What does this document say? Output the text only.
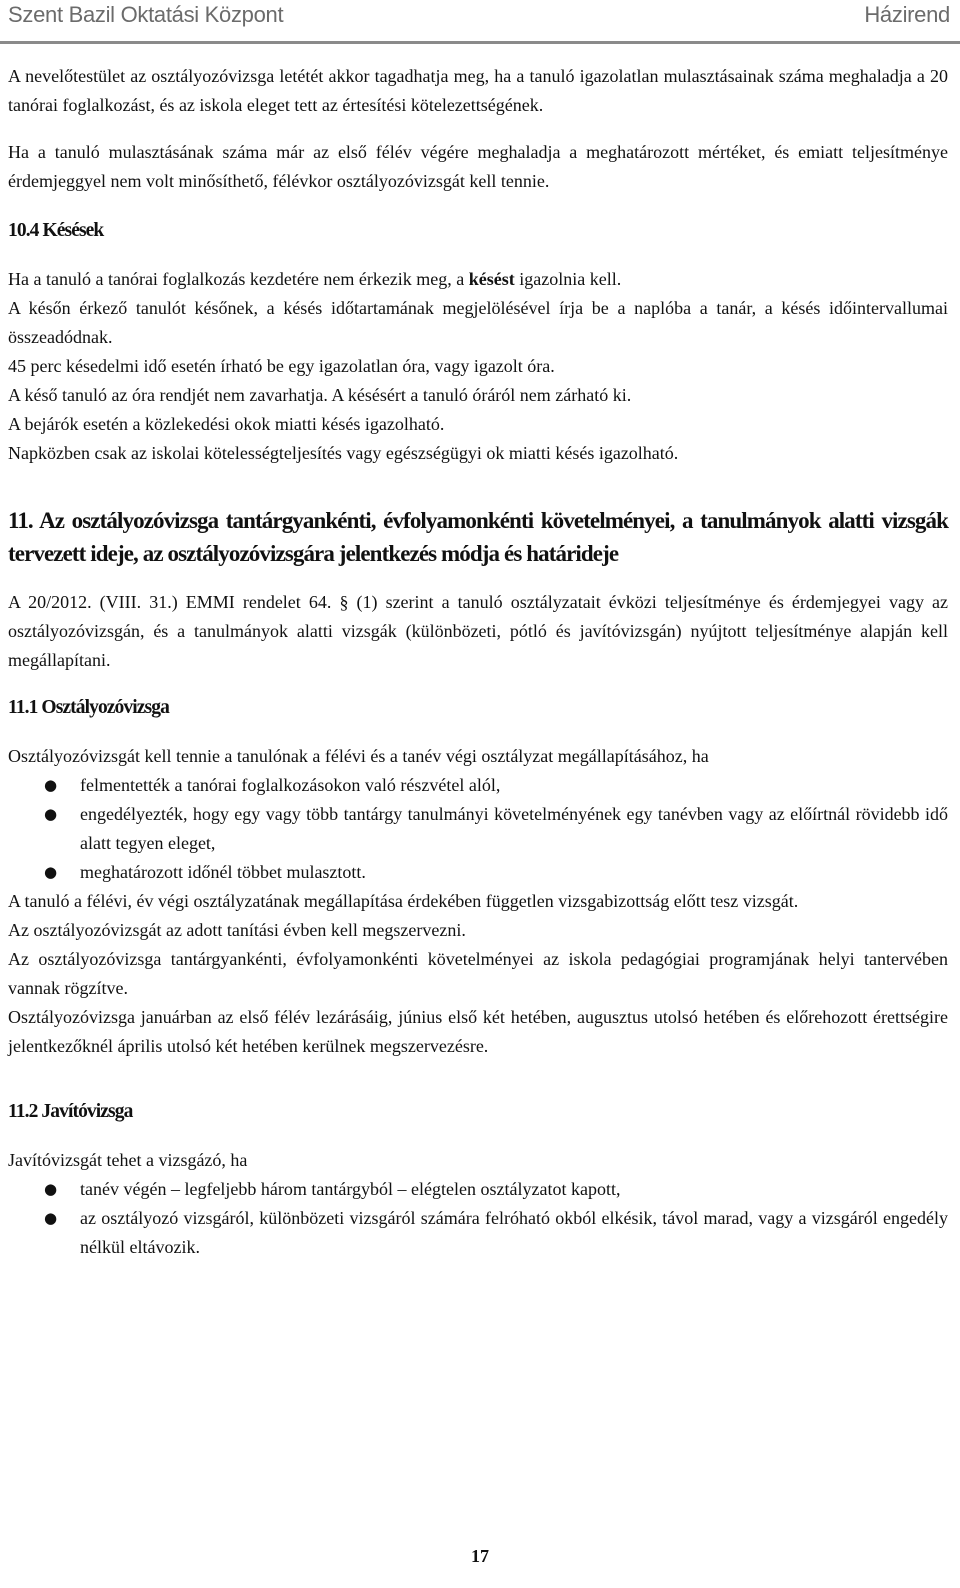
Szent Bazil Oktatási Központ	Házirend

A nevelőtestület az osztályozóvizsga letétét akkor tagadhatja meg, ha a tanuló igazolatlan mulasztásainak száma meghaladja a 20 tanórai foglalkozást, és az iskola eleget tett az értesítési kötelezettségének.

Ha a tanuló mulasztásának száma már az első félév végére meghaladja a meghatározott mértéket, és emiatt teljesítménye érdemjeggyel nem volt minősíthető, félévkor osztályozóvizsgát kell tennie.

10.4 Késések

Ha a tanuló a tanórai foglalkozás kezdetére nem érkezik meg, a késést igazolnia kell.

A későn érkező tanulót későnek, a késés időtartamának megjelölésével írja be a naplóba a tanár, a késés időintervallumai összeadódnak.

45 perc késedelmi idő esetén írható be egy igazolatlan óra, vagy igazolt óra.

A késő tanuló az óra rendjét nem zavarhatja. A késésért a tanuló óráról nem zárható ki.

A bejárók esetén a közlekedési okok miatti késés igazolható.

Napközben csak az iskolai kötelességteljesítés vagy egészségügyi ok miatti késés igazolható.

11. Az osztályozóvizsga tantárgyankénti, évfolyamonkénti követelményei, a tanulmányok alatti vizsgák tervezett ideje, az osztályozóvizsgára jelentkezés módja és határideje

A 20/2012. (VIII. 31.) EMMI rendelet 64. § (1) szerint a tanuló osztályzatait évközi teljesítménye és érdemjegyei vagy az osztályozóvizsgán, és a tanulmányok alatti vizsgák (különbözeti, pótló és javítóvizsgán) nyújtott teljesítménye alapján kell megállapítani.

11.1 Osztályozóvizsga

Osztályozóvizsgát kell tennie a tanulónak a félévi és a tanév végi osztályzat megállapításához, ha

● felmentették a tanórai foglalkozásokon való részvétel alól,
● engedélyezték, hogy egy vagy több tantárgy tanulmányi követelményének egy tanévben vagy az előírtnál rövidebb idő alatt tegyen eleget,
● meghatározott időnél többet mulasztott.

A tanuló a félévi, év végi osztályzatának megállapítása érdekében független vizsgabizottság előtt tesz vizsgát.

Az osztályozóvizsgát az adott tanítási évben kell megszervezni.

Az osztályozóvizsga tantárgyankénti, évfolyamonkénti követelményei az iskola pedagógiai programjának helyi tantervében vannak rögzítve.

Osztályozóvizsga januárban az első félév lezárásáig, június első két hetében, augusztus utolsó hetében és előrehozott érettségire jelentkezőknél április utolsó két hetében kerülnek megszervezésre.

11.2 Javítóvizsga

Javítóvizsgát tehet a vizsgázó, ha

● tanév végén – legfeljebb három tantárgyból – elégtelen osztályzatot kapott,
● az osztályozó vizsgáról, különbözeti vizsgáról számára felróható okból elkésik, távol marad, vagy a vizsgáról engedély nélkül eltávozik.
17
